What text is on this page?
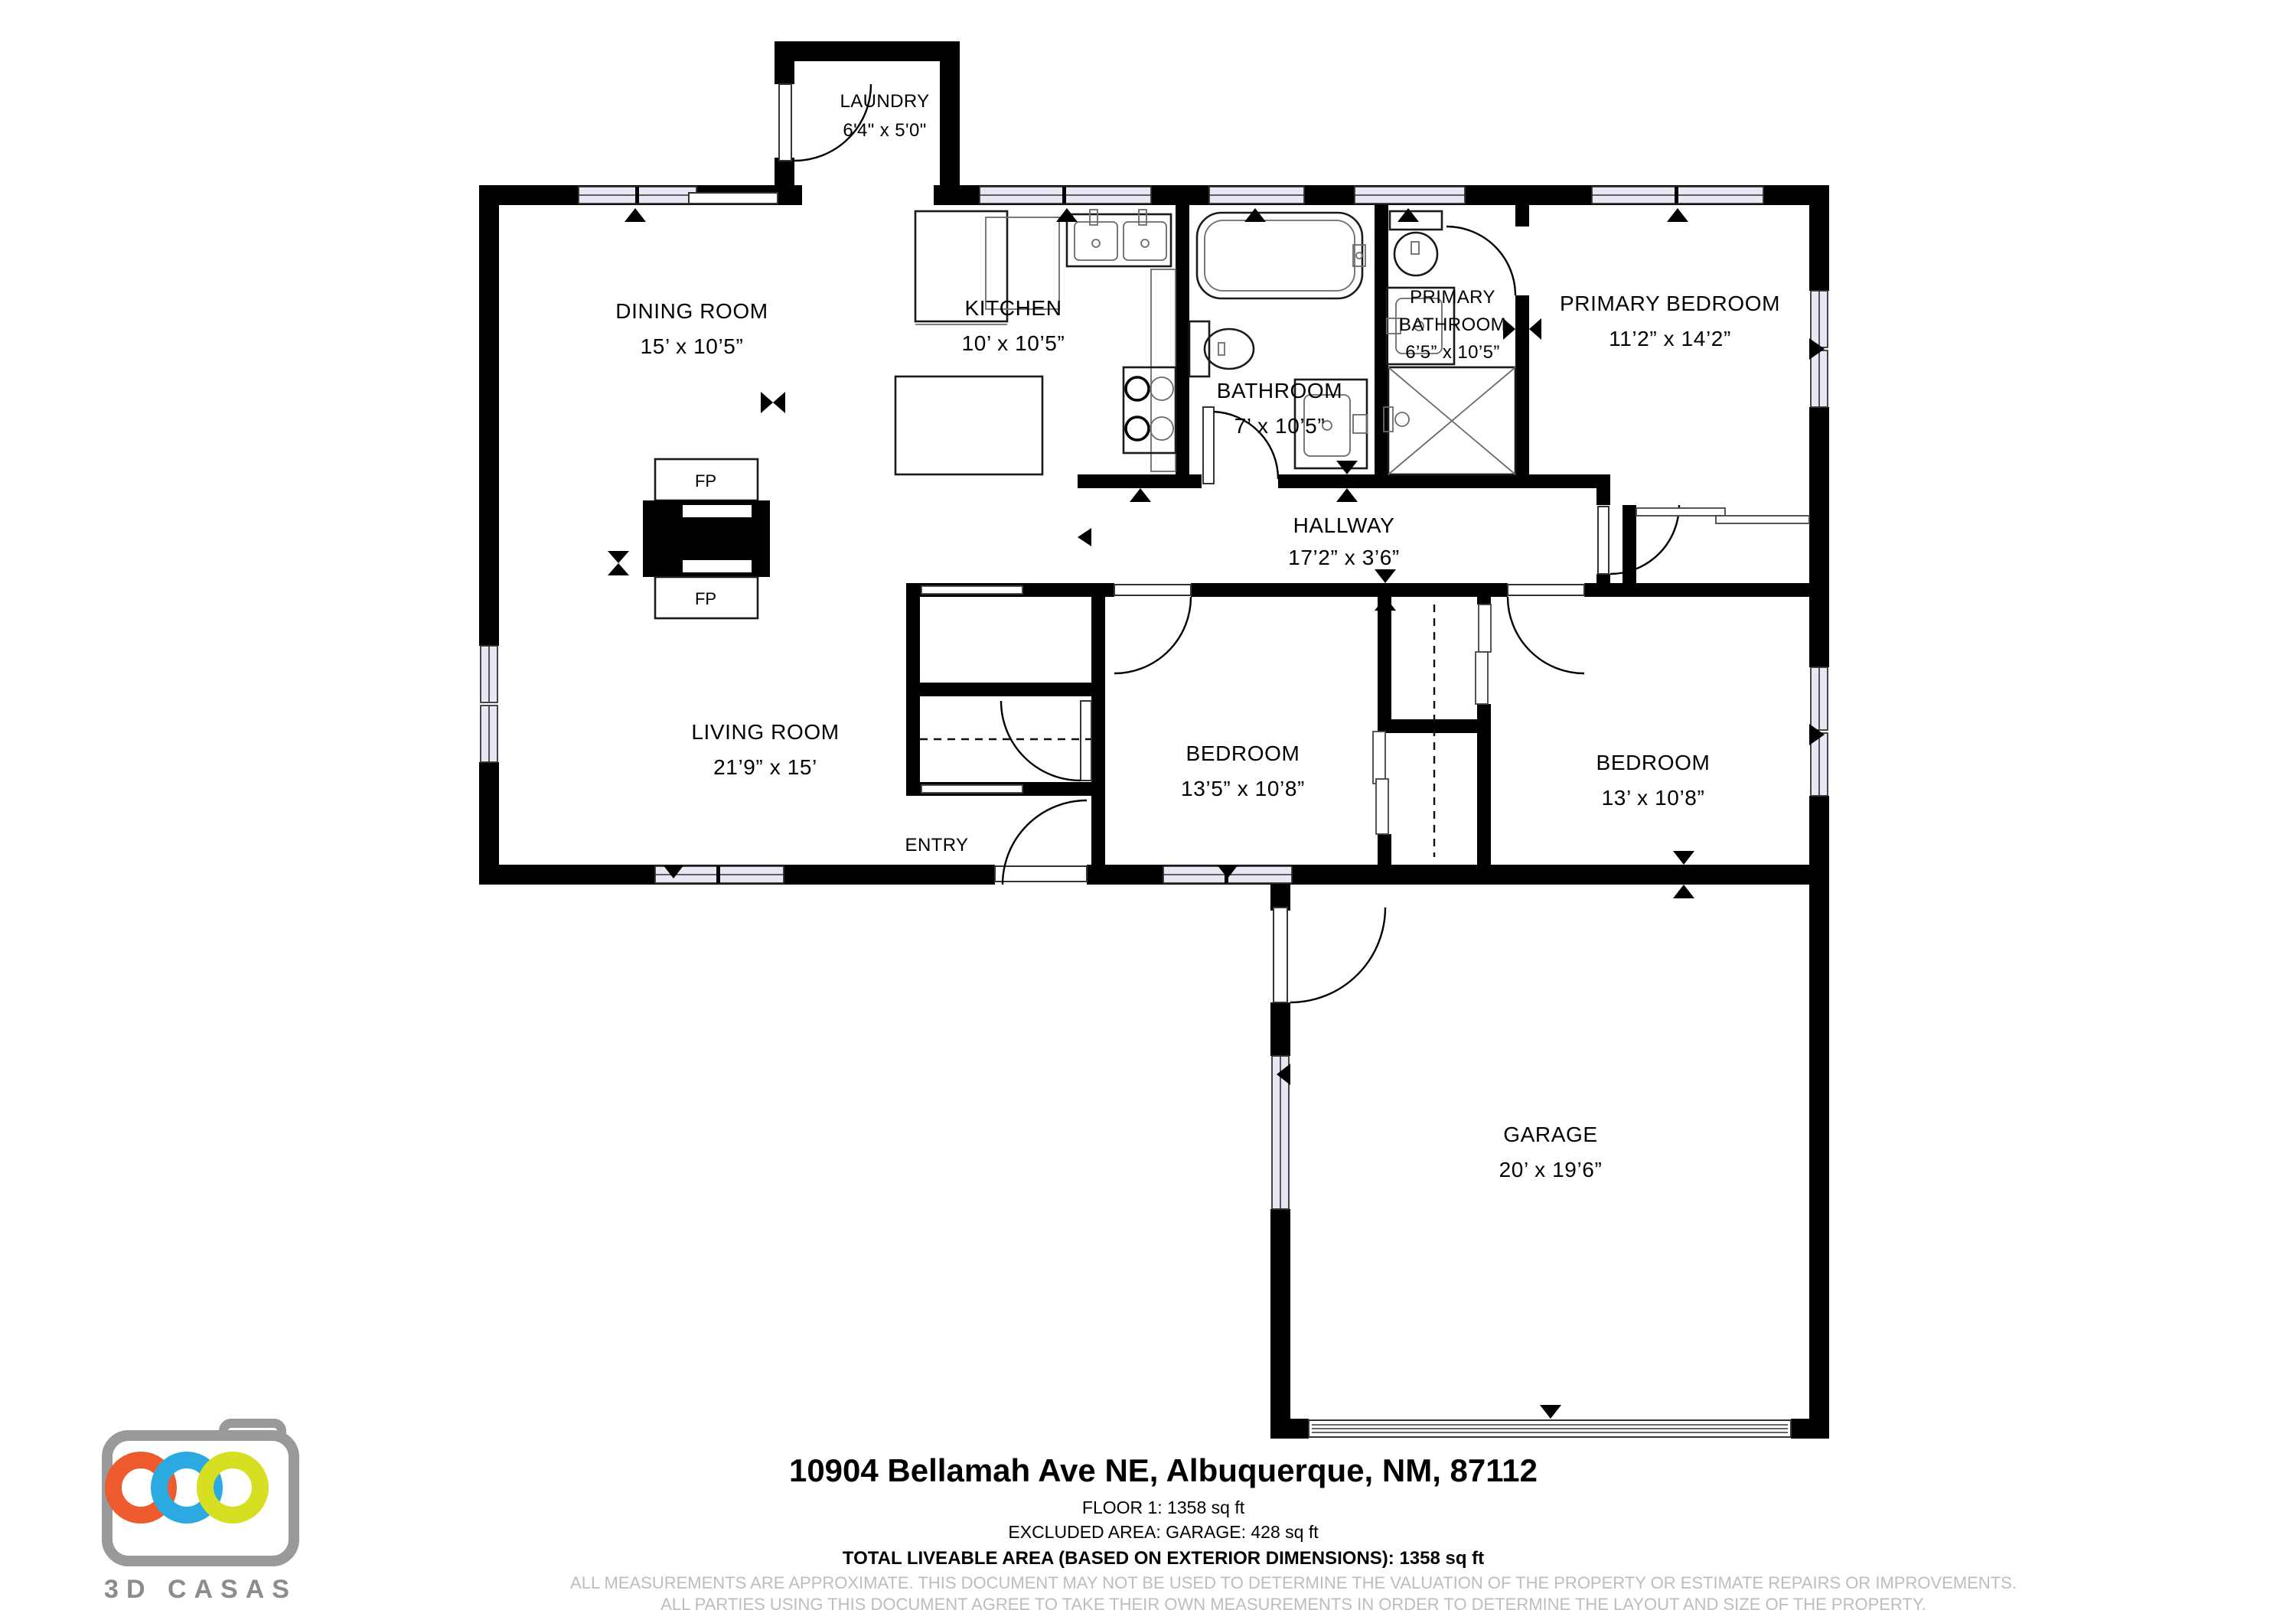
LAUNDRY
6'4" x 5'0"
DINING ROOM
15’ x 10’5”
KITCHEN
10’ x 10’5”
BATHROOM
7’ x 10’5”
PRIMARY
BATHROOM
6’5” x 10’5”
PRIMARY BEDROOM
11’2” x 14’2”
HALLWAY
17’2” x 3’6”
LIVING ROOM
21’9” x 15’
ENTRY
BEDROOM
13’5” x 10’8”
BEDROOM
13’ x 10’8”
GARAGE
20’ x 19’6”
FP
FP
10904 Bellamah Ave NE, Albuquerque, NM, 87112
FLOOR 1: 1358 sq ft
EXCLUDED AREA: GARAGE: 428 sq ft
TOTAL LIVEABLE AREA (BASED ON EXTERIOR DIMENSIONS): 1358 sq ft
ALL MEASUREMENTS ARE APPROXIMATE. THIS DOCUMENT MAY NOT BE USED TO DETERMINE THE VALUATION OF THE PROPERTY OR ESTIMATE REPAIRS OR IMPROVEMENTS.
ALL PARTIES USING THIS DOCUMENT AGREE TO TAKE THEIR OWN MEASUREMENTS IN ORDER TO DETERMINE THE LAYOUT AND SIZE OF THE PROPERTY.
3D CASAS
